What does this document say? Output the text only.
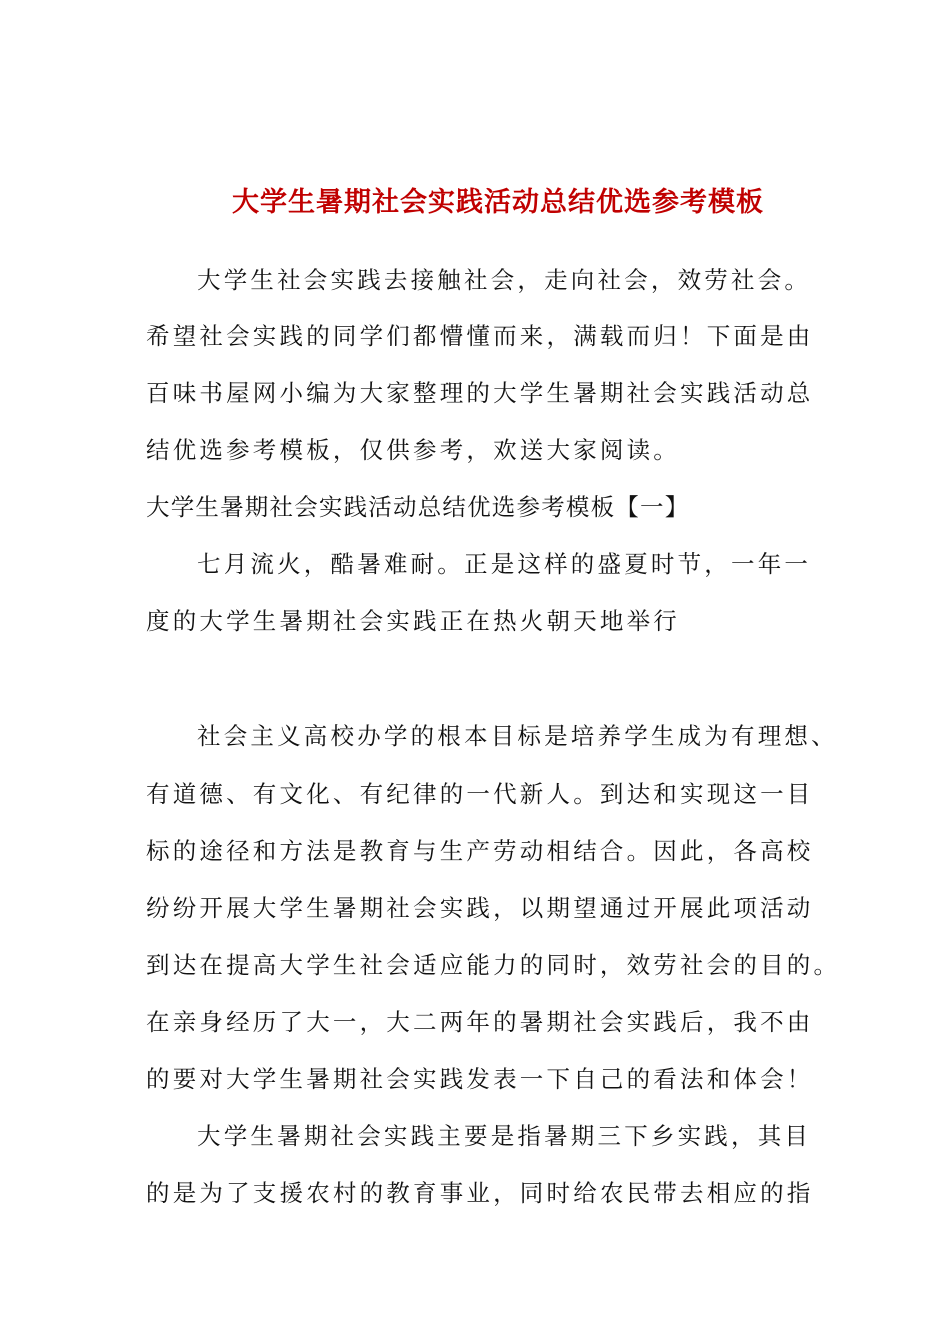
大学生暑期社会实践活动总结优选参考模板

大学生社会实践去接触社会，走向社会，效劳社会。

希望社会实践的同学们都懵懂而来，满载而归！下面是由

百味书屋网小编为大家整理的大学生暑期社会实践活动总

结优选参考模板，仅供参考，欢送大家阅读。

大学生暑期社会实践活动总结优选参考模板【一】

七月流火，酷暑难耐。正是这样的盛夏时节，一年一

度的大学生暑期社会实践正在热火朝天地举行

社会主义高校办学的根本目标是培养学生成为有理想、

有道德、有文化、有纪律的一代新人。到达和实现这一目

标的途径和方法是教育与生产劳动相结合。因此，各高校

纷纷开展大学生暑期社会实践，以期望通过开展此项活动

到达在提高大学生社会适应能力的同时，效劳社会的目的。

在亲身经历了大一，大二两年的暑期社会实践后，我不由

的要对大学生暑期社会实践发表一下自己的看法和体会！

大学生暑期社会实践主要是指暑期三下乡实践，其目

的是为了支援农村的教育事业，同时给农民带去相应的指
